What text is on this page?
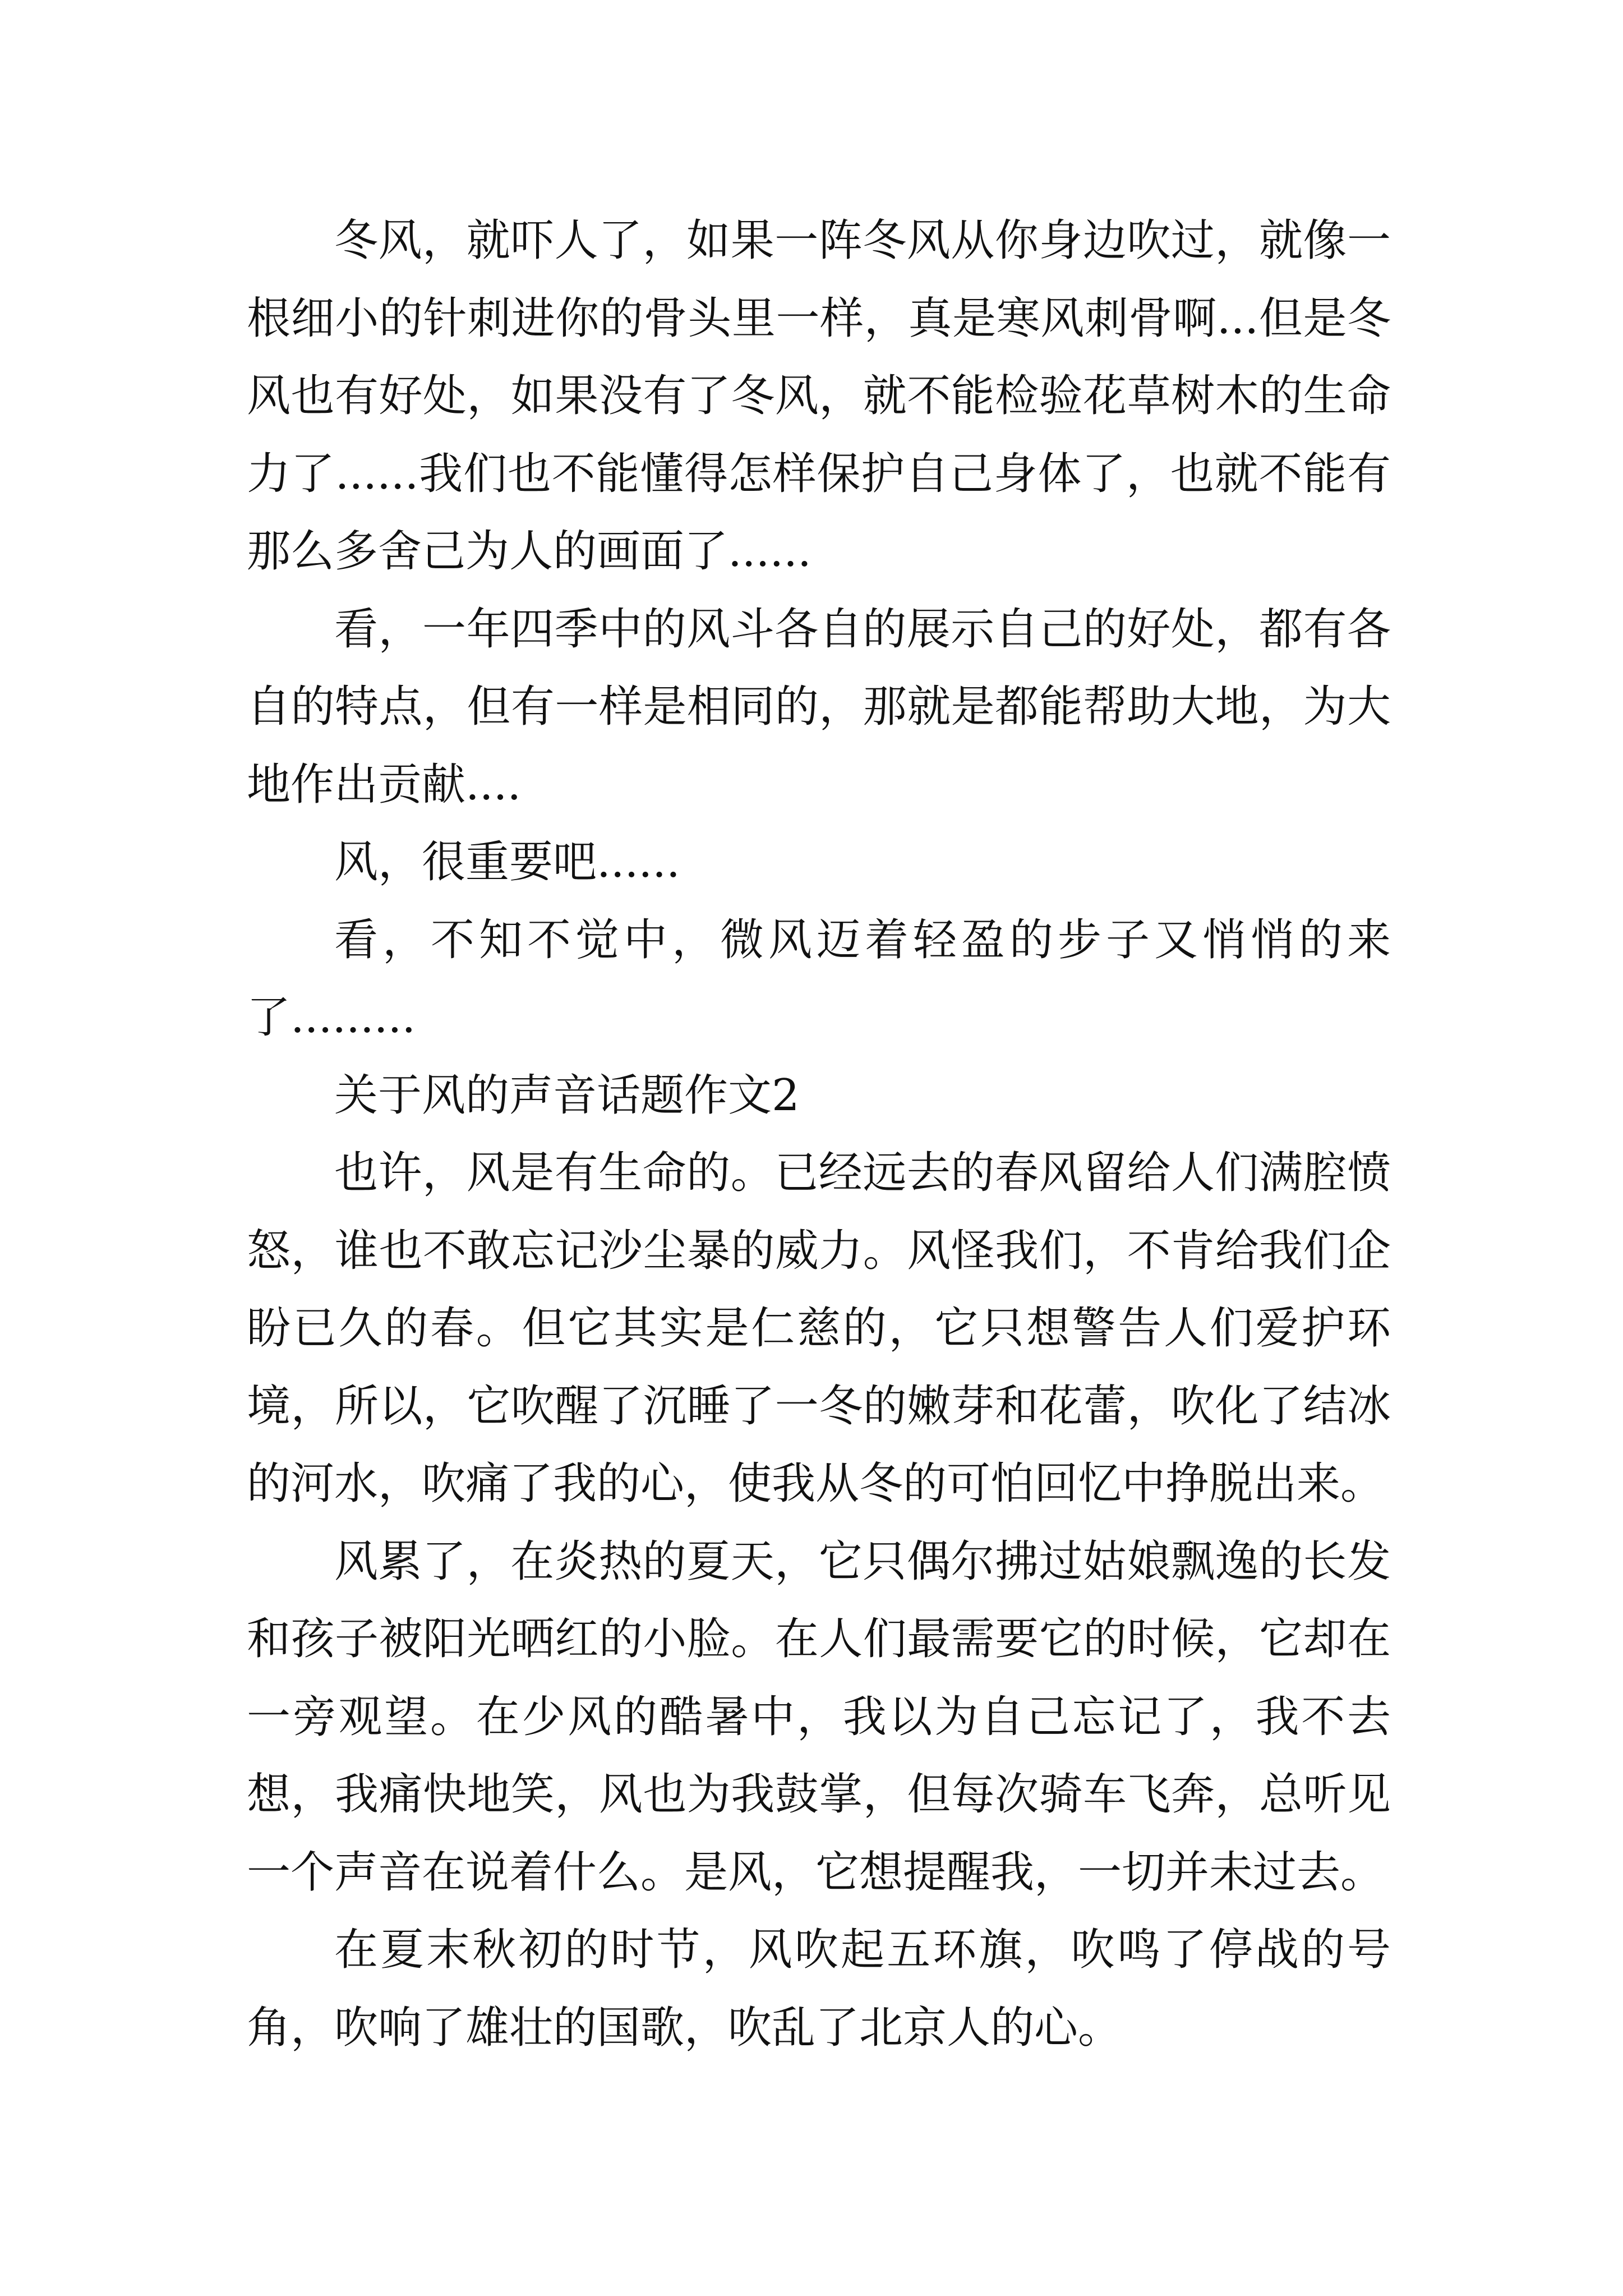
冬风，就吓人了，如果一阵冬风从你身边吹过，就像一根细小的针刺进你的骨头里一样，真是寒风刺骨啊...但是冬风也有好处，如果没有了冬风，就不能检验花草树木的生命力了......我们也不能懂得怎样保护自己身体了，也就不能有那么多舍己为人的画面了......

看，一年四季中的风斗各自的展示自己的好处，都有各自的特点，但有一样是相同的，那就是都能帮助大地，为大地作出贡献....

风，很重要吧......

看，不知不觉中，微风迈着轻盈的步子又悄悄的来了.........

关于风的声音话题作文2

也许，风是有生命的。已经远去的春风留给人们满腔愤怒，谁也不敢忘记沙尘暴的威力。风怪我们，不肯给我们企盼已久的春。但它其实是仁慈的，它只想警告人们爱护环境，所以，它吹醒了沉睡了一冬的嫩芽和花蕾，吹化了结冰的河水，吹痛了我的心，使我从冬的可怕回忆中挣脱出来。

风累了，在炎热的夏天，它只偶尔拂过姑娘飘逸的长发和孩子被阳光晒红的小脸。在人们最需要它的时候，它却在一旁观望。在少风的酷暑中，我以为自己忘记了，我不去想，我痛快地笑，风也为我鼓掌，但每次骑车飞奔，总听见一个声音在说着什么。是风，它想提醒我，一切并未过去。

在夏末秋初的时节，风吹起五环旗，吹鸣了停战的号角，吹响了雄壮的国歌，吹乱了北京人的心。
